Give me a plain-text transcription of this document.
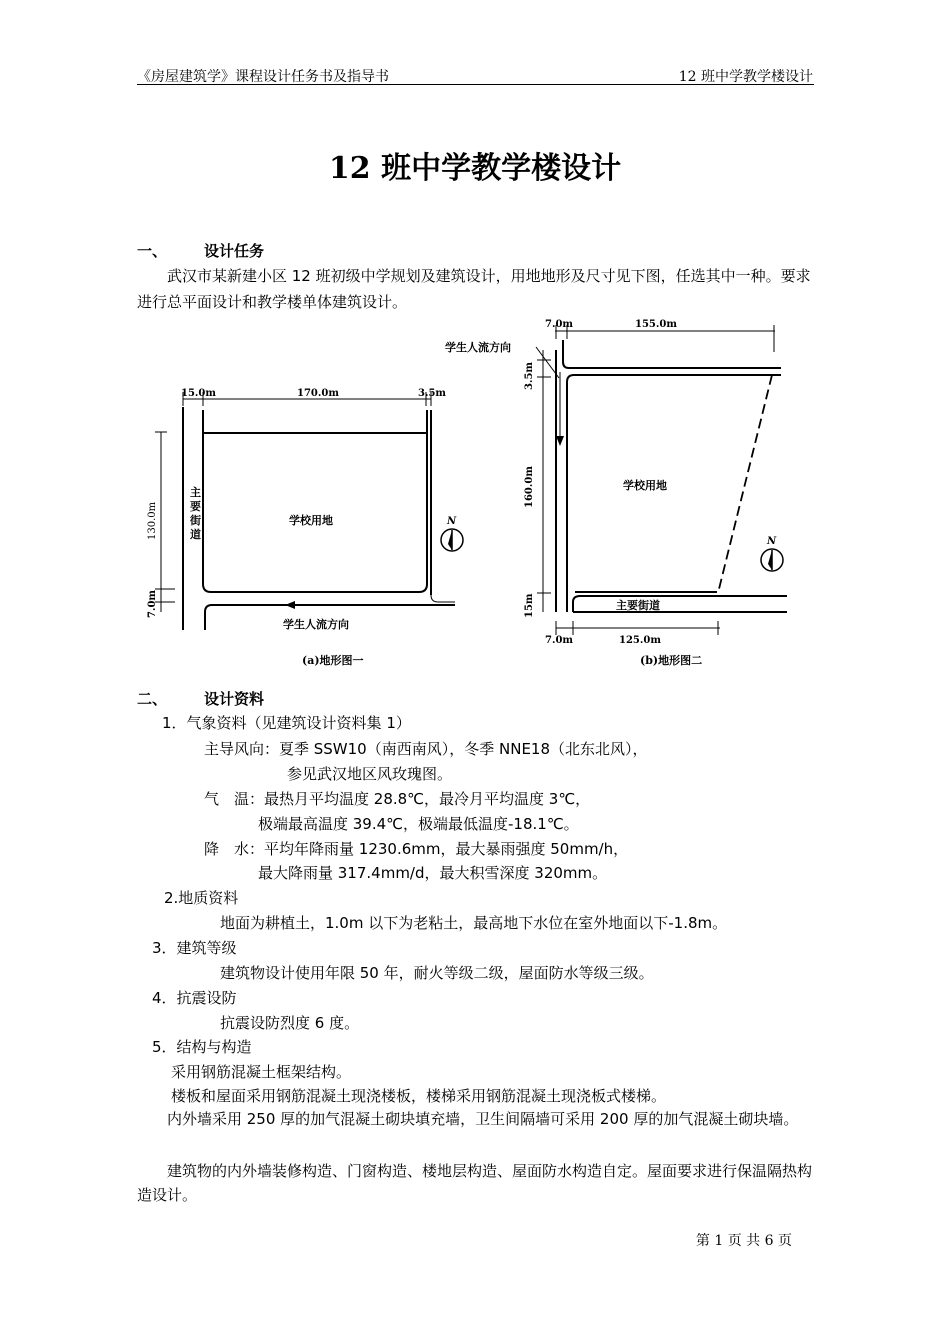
《房屋建筑学》课程设计任务书及指导书	12 班中学教学楼设计
12 班中学教学楼设计
一、 设计任务
武汉市某新建小区 12 班初级中学规划及建筑设计，用地地形及尺寸见下图，任选其中一种。要求进行总平面设计和教学楼单体建筑设计。
15.0m	170.0m	3.5m
130.0m
7.0m
主
要
街
道
学校用地
学生人流方向
N
(a)地形图一
7.0m	155.0m
3.5m
160.0m
15m
7.0m	125.0m
学生人流方向
学校用地
主要街道
N
(b)地形图二
二、 设计资料
1．气象资料（见建筑设计资料集 1）
主导风向：夏季 SSW10（南西南风），冬季 NNE18（北东北风），
参见武汉地区风玫瑰图。
气　温：最热月平均温度 28.8℃，最冷月平均温度 3℃，
极端最高温度 39.4℃，极端最低温度-18.1℃。
降　水：平均年降雨量 1230.6mm，最大暴雨强度 50mm/h，
最大降雨量 317.4mm/d，最大积雪深度 320mm。
2.地质资料
地面为耕植土，1.0m 以下为老粘土，最高地下水位在室外地面以下-1.8m。
3．建筑等级
建筑物设计使用年限 50 年，耐火等级二级，屋面防水等级三级。
4．抗震设防
抗震设防烈度 6 度。
5．结构与构造
采用钢筋混凝土框架结构。
楼板和屋面采用钢筋混凝土现浇楼板，楼梯采用钢筋混凝土现浇板式楼梯。
内外墙采用 250 厚的加气混凝土砌块填充墙，卫生间隔墙可采用 200 厚的加气混凝土砌块墙。
建筑物的内外墙装修构造、门窗构造、楼地层构造、屋面防水构造自定。屋面要求进行保温隔热构造设计。
第 1 页 共 6 页
